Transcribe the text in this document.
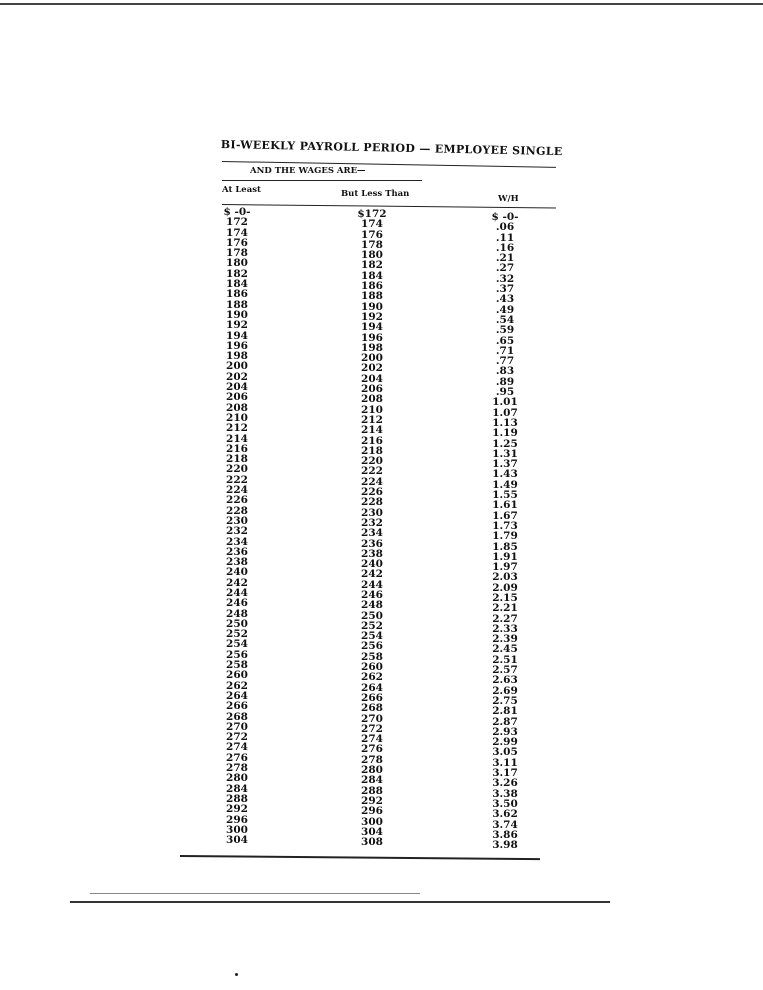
BI-WEEKLY PAYROLL PERIOD — EMPLOYEE SINGLE
AND THE WAGES ARE—
At Least	But Less Than	W/H
$ -0-
172
174
176
178
180
182
184
186
188
190
192
194
196
198
200
202
204
206
208
210
212
214
216
218
220
222
224
226
228
230
232
234
236
238
240
242
244
246
248
250
252
254
256
258
260
262
264
266
268
270
272
274
276
278
280
284
288
292
296
300
304
$172
174
176
178
180
182
184
186
188
190
192
194
196
198
200
202
204
206
208
210
212
214
216
218
220
222
224
226
228
230
232
234
236
238
240
242
244
246
248
250
252
254
256
258
260
262
264
266
268
270
272
274
276
278
280
284
288
292
296
300
304
308
$ -0-
.06
.11
.16
.21
.27
.32
.37
.43
.49
.54
.59
.65
.71
.77
.83
.89
.95
1.01
1.07
1.13
1.19
1.25
1.31
1.37
1.43
1.49
1.55
1.61
1.67
1.73
1.79
1.85
1.91
1.97
2.03
2.09
2.15
2.21
2.27
2.33
2.39
2.45
2.51
2.57
2.63
2.69
2.75
2.81
2.87
2.93
2.99
3.05
3.11
3.17
3.26
3.38
3.50
3.62
3.74
3.86
3.98
